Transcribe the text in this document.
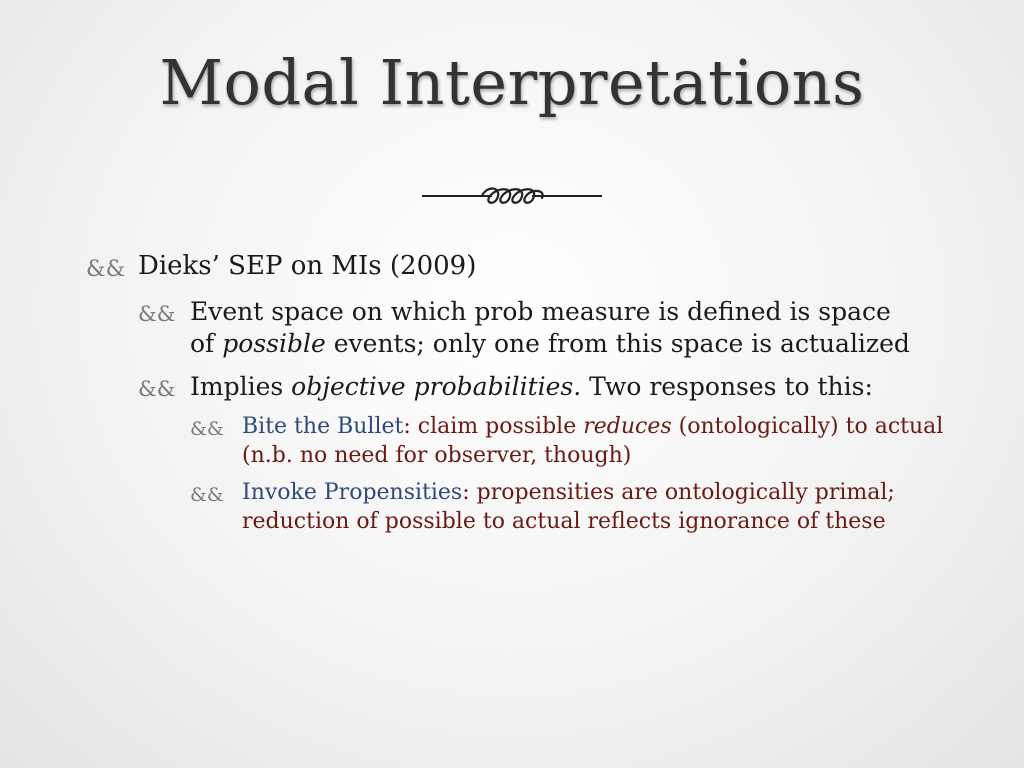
Modal Interpretations
&& Dieks’ SEP on MIs (2009)
&& Event space on which prob measure is defined is space
of possible events; only one from this space is actualized
&& Implies objective probabilities. Two responses to this:
&& Bite the Bullet: claim possible reduces (ontologically) to actual (n.b. no need for observer, though)
&& Invoke Propensities: propensities are ontologically primal; reduction of possible to actual reflects ignorance of these
